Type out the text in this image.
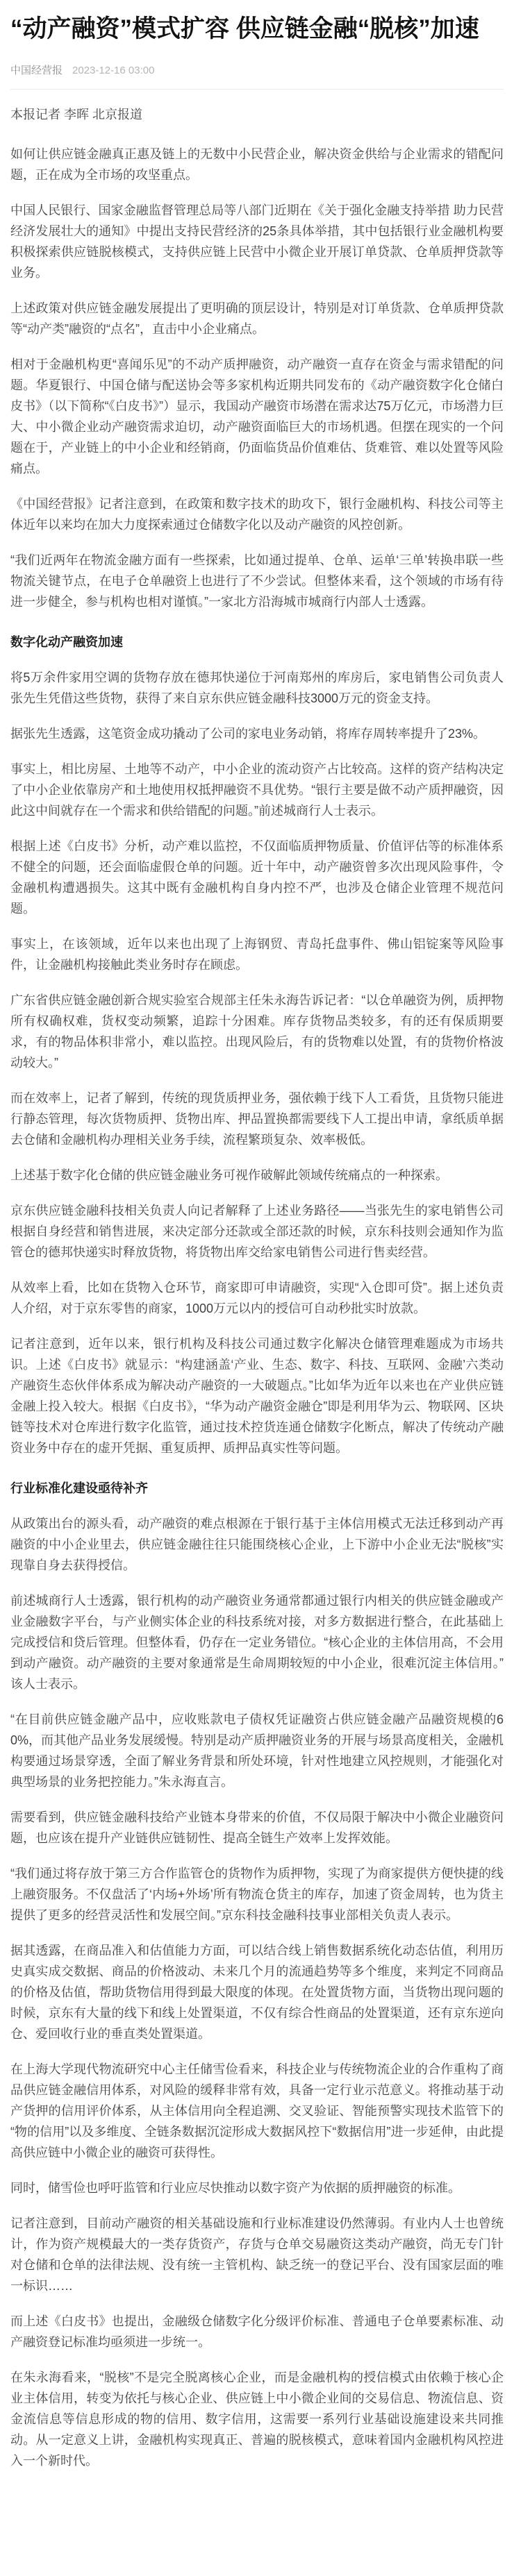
“动产融资”模式扩容 供应链金融“脱核”加速
中国经营报 2023-12-16 03:00
本报记者 李晖 北京报道

如何让供应链金融真正惠及链上的无数中小民营企业，解决资金供给与企业需求的错配问题，正在成为全市场的攻坚重点。

中国人民银行、国家金融监督管理总局等八部门近期在《关于强化金融支持举措 助力民营经济发展壮大的通知》中提出支持民营经济的25条具体举措，其中包括银行业金融机构要积极探索供应链脱核模式，支持供应链上民营中小微企业开展订单贷款、仓单质押贷款等业务。

上述政策对供应链金融发展提出了更明确的顶层设计，特别是对订单货款、仓单质押贷款等“动产类”融资的“点名”，直击中小企业痛点。

相对于金融机构更“喜闻乐见”的不动产质押融资，动产融资一直存在资金与需求错配的问题。华夏银行、中国仓储与配送协会等多家机构近期共同发布的《动产融资数字化仓储白皮书》（以下简称“《白皮书》”）显示，我国动产融资市场潜在需求达75万亿元，市场潜力巨大、中小微企业动产融资需求迫切，动产融资面临巨大的市场机遇。但摆在现实的一个问题在于，产业链上的中小企业和经销商，仍面临货品价值难估、货难管、难以处置等风险痛点。

《中国经营报》记者注意到，在政策和数字技术的助攻下，银行金融机构、科技公司等主体近年以来均在加大力度探索通过仓储数字化以及动产融资的风控创新。

“我们近两年在物流金融方面有一些探索，比如通过提单、仓单、运单‘三单’转换串联一些物流关键节点，在电子仓单融资上也进行了不少尝试。但整体来看，这个领域的市场有待进一步健全，参与机构也相对谨慎。”一家北方沿海城市城商行内部人士透露。

数字化动产融资加速

将5万余件家用空调的货物存放在德邦快递位于河南郑州的库房后，家电销售公司负责人张先生凭借这些货物，获得了来自京东供应链金融科技3000万元的资金支持。

据张先生透露，这笔资金成功撬动了公司的家电业务动销，将库存周转率提升了23%。

事实上，相比房屋、土地等不动产，中小企业的流动资产占比较高。这样的资产结构决定了中小企业依靠房产和土地使用权抵押融资不具优势。“银行主要是做不动产质押融资，因此这中间就存在一个需求和供给错配的问题。”前述城商行人士表示。

根据上述《白皮书》分析，动产难以监控，不仅面临质押物质量、价值评估等的标准体系不健全的问题，还会面临虚假仓单的问题。近十年中，动产融资曾多次出现风险事件，令金融机构遭遇损失。这其中既有金融机构自身内控不严，也涉及仓储企业管理不规范问题。

事实上，在该领域，近年以来也出现了上海钢贸、青岛托盘事件、佛山铝锭案等风险事件，让金融机构接触此类业务时存在顾虑。

广东省供应链金融创新合规实验室合规部主任朱永海告诉记者：“以仓单融资为例，质押物所有权确权难，货权变动频繁，追踪十分困难。库存货物品类较多，有的还有保质期要求，有的物品体积非常小，难以监控。出现风险后，有的货物难以处置，有的货物价格波动较大。”

而在效率上，记者了解到，传统的现货质押业务，强依赖于线下人工看货，且货物只能进行静态管理，每次货物质押、货物出库、押品置换都需要线下人工提出申请，拿纸质单据去仓储和金融机构办理相关业务手续，流程繁琐复杂、效率极低。

上述基于数字化仓储的供应链金融业务可视作破解此领域传统痛点的一种探索。

京东供应链金融科技相关负责人向记者解释了上述业务路径——当张先生的家电销售公司根据自身经营和销售进展，来决定部分还款或全部还款的时候，京东科技则会通知作为监管仓的德邦快递实时释放货物，将货物出库交给家电销售公司进行售卖经营。

从效率上看，比如在货物入仓环节，商家即可申请融资，实现“入仓即可贷”。据上述负责人介绍，对于京东零售的商家，1000万元以内的授信可自动秒批实时放款。

记者注意到，近年以来，银行机构及科技公司通过数字化解决仓储管理难题成为市场共识。上述《白皮书》就显示：“构建涵盖‘产业、生态、数字、科技、互联网、金融’六类动产融资生态伙伴体系成为解决动产融资的一大破题点。”比如华为近年以来也在产业供应链金融上投入较大。根据《白皮书》，“华为动产融资金融仓”即是利用华为云、物联网、区块链等技术对仓库进行数字化监管，通过技术控货连通仓储数字化断点，解决了传统动产融资业务中存在的虚开凭据、重复质押、质押品真实性等问题。

行业标准化建设亟待补齐

从政策出台的源头看，动产融资的难点根源在于银行基于主体信用模式无法迁移到动产再融资的中小企业里去，供应链金融往往只能围绕核心企业，上下游中小企业无法“脱核”实现靠自身去获得授信。

前述城商行人士透露，银行机构的动产融资业务通常都通过银行内相关的供应链金融或产业金融数字平台，与产业侧实体企业的科技系统对接，对多方数据进行整合，在此基础上完成授信和贷后管理。但整体看，仍存在一定业务错位。“核心企业的主体信用高，不会用到动产融资。动产融资的主要对象通常是生命周期较短的中小企业，很难沉淀主体信用。”该人士表示。

“在目前供应链金融产品中，应收账款电子债权凭证融资占供应链金融产品融资规模的60%，而其他产品业务发展缓慢。特别是动产质押融资业务的开展与场景高度相关，金融机构要通过场景穿透，全面了解业务背景和所处环境，针对性地建立风控规则，才能强化对典型场景的业务把控能力。”朱永海直言。

需要看到，供应链金融科技给产业链本身带来的价值，不仅局限于解决中小微企业融资问题，也应该在提升产业链供应链韧性、提高全链生产效率上发挥效能。

“我们通过将存放于第三方合作监管仓的货物作为质押物，实现了为商家提供方便快捷的线上融资服务。不仅盘活了‘内场+外场’所有物流仓货主的库存，加速了资金周转，也为货主提供了更多的经营灵活性和发展空间。”京东科技金融科技事业部相关负责人表示。

据其透露，在商品准入和估值能力方面，可以结合线上销售数据系统化动态估值，利用历史真实成交数据、商品的价格波动、未来几个月的流通趋势等多个维度，来判定不同商品的价格及估值，帮助货物信用得到最大限度的体现。在处置货物方面，当货物出现问题的时候，京东有大量的线下和线上处置渠道，不仅有综合性商品的处置渠道，还有京东逆向仓、爱回收行业的垂直类处置渠道。

在上海大学现代物流研究中心主任储雪俭看来，科技企业与传统物流企业的合作重构了商品供应链金融信用体系，对风险的缓释非常有效，具备一定行业示范意义。将推动基于动产货押的信用评价体系，从主体信用向全程追溯、交叉验证、智能预警实现技术监管下的“物的信用”以及多维度、全链条数据沉淀形成大数据风控下“数据信用”进一步延伸，由此提高供应链中小微企业的融资可获得性。

同时，储雪俭也呼吁监管和行业应尽快推动以数字资产为依据的质押融资的标准。

记者注意到，目前动产融资的相关基础设施和行业标准建设仍然薄弱。有业内人士也曾统计，作为资产规模最大的一类存货资产，存货与仓单交易融资这类动产融资，尚无专门针对仓储和仓单的法律法规、没有统一主管机构、缺乏统一的登记平台、没有国家层面的唯一标识……

而上述《白皮书》也提出，金融级仓储数字化分级评价标准、普通电子仓单要素标准、动产融资登记标准均亟须进一步统一。

在朱永海看来，“脱核”不是完全脱离核心企业，而是金融机构的授信模式由依赖于核心企业主体信用，转变为依托与核心企业、供应链上中小微企业间的交易信息、物流信息、资金流信息等信息形成的物的信用、数字信用，这需要一系列行业基础设施建设来共同推动。从一定意义上讲，金融机构实现真正、普遍的脱核模式，意味着国内金融机构风控进入一个新时代。
